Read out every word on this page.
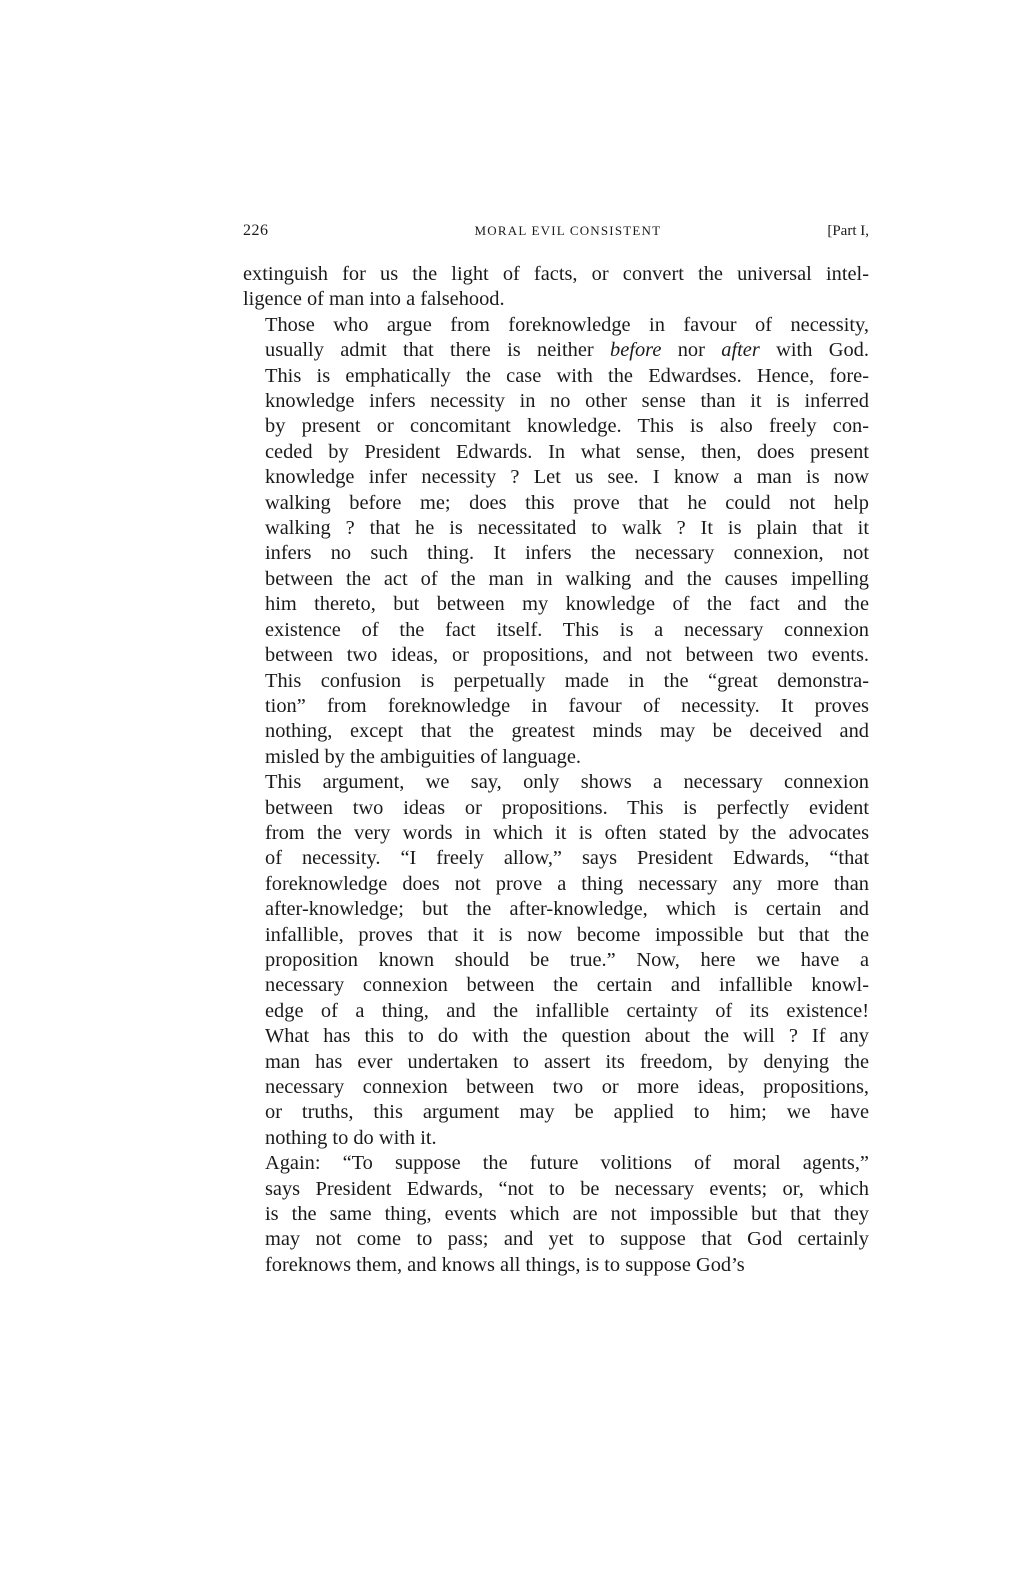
226	MORAL EVIL CONSISTENT	[Part I,

extinguish for us the light of facts, or convert the universal intel-
ligence of man into a falsehood.

Those who argue from foreknowledge in favour of necessity,
usually admit that there is neither before nor after with God.
This is emphatically the case with the Edwardses. Hence, fore-
knowledge infers necessity in no other sense than it is inferred
by present or concomitant knowledge. This is also freely con-
ceded by President Edwards. In what sense, then, does present
knowledge infer necessity ? Let us see. I know a man is now
walking before me; does this prove that he could not help
walking ? that he is necessitated to walk ? It is plain that it
infers no such thing. It infers the necessary connexion, not
between the act of the man in walking and the causes impelling
him thereto, but between my knowledge of the fact and the
existence of the fact itself. This is a necessary connexion
between two ideas, or propositions, and not between two events.
This confusion is perpetually made in the “great demonstra-
tion” from foreknowledge in favour of necessity. It proves
nothing, except that the greatest minds may be deceived and
misled by the ambiguities of language.

This argument, we say, only shows a necessary connexion
between two ideas or propositions. This is perfectly evident
from the very words in which it is often stated by the advocates
of necessity. “I freely allow,” says President Edwards, “that
foreknowledge does not prove a thing necessary any more than
after-knowledge; but the after-knowledge, which is certain and
infallible, proves that it is now become impossible but that the
proposition known should be true.” Now, here we have a
necessary connexion between the certain and infallible knowl-
edge of a thing, and the infallible certainty of its existence!
What has this to do with the question about the will ? If any
man has ever undertaken to assert its freedom, by denying the
necessary connexion between two or more ideas, propositions,
or truths, this argument may be applied to him; we have
nothing to do with it.

Again: “To suppose the future volitions of moral agents,”
says President Edwards, “not to be necessary events; or, which
is the same thing, events which are not impossible but that they
may not come to pass; and yet to suppose that God certainly
foreknows them, and knows all things, is to suppose God’s
